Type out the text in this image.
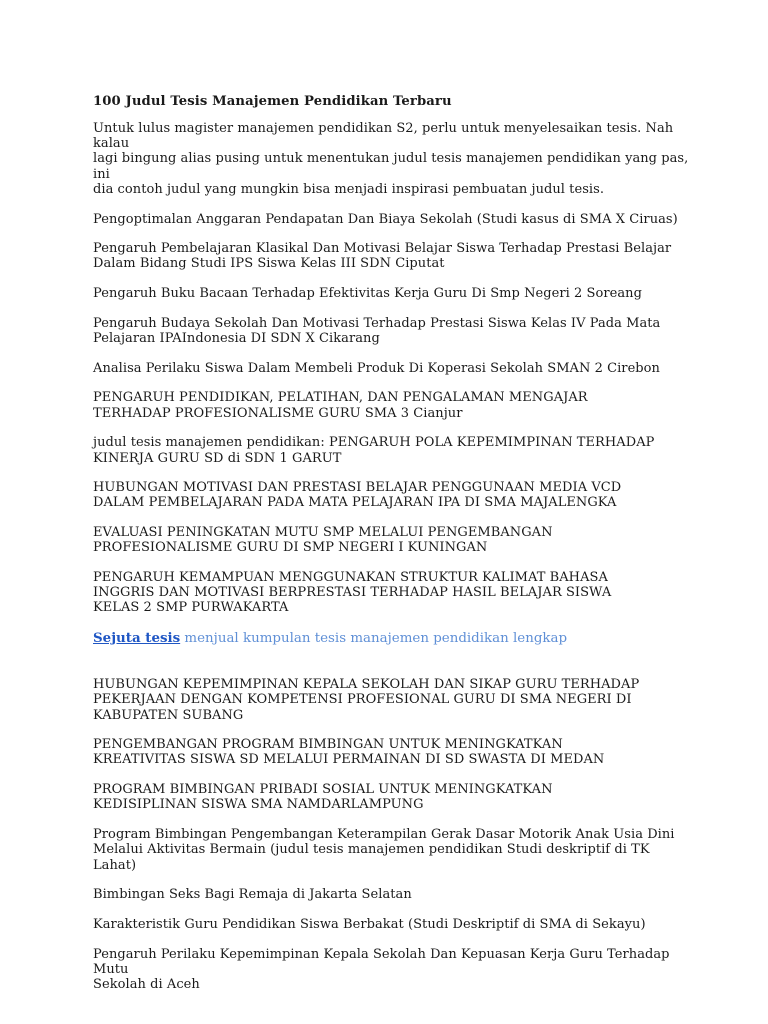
100 Judul Tesis Manajemen Pendidikan Terbaru

Untuk lulus magister manajemen pendidikan S2, perlu untuk menyelesaikan tesis. Nah kalau
lagi bingung alias pusing untuk menentukan judul tesis manajemen pendidikan yang pas, ini
dia contoh judul yang mungkin bisa menjadi inspirasi pembuatan judul tesis.

Pengoptimalan Anggaran Pendapatan Dan Biaya Sekolah (Studi kasus di SMA X Ciruas)

Pengaruh Pembelajaran Klasikal Dan Motivasi Belajar Siswa Terhadap Prestasi Belajar
Dalam Bidang Studi IPS Siswa Kelas III SDN Ciputat

Pengaruh Buku Bacaan Terhadap Efektivitas Kerja Guru Di Smp Negeri 2 Soreang

Pengaruh Budaya Sekolah Dan Motivasi Terhadap Prestasi Siswa Kelas IV Pada Mata
Pelajaran IPAIndonesia DI SDN X Cikarang

Analisa Perilaku Siswa Dalam Membeli Produk Di Koperasi Sekolah SMAN 2 Cirebon

PENGARUH PENDIDIKAN, PELATIHAN, DAN PENGALAMAN MENGAJAR
TERHADAP PROFESIONALISME GURU SMA 3 Cianjur

judul tesis manajemen pendidikan: PENGARUH POLA KEPEMIMPINAN TERHADAP
KINERJA GURU SD di SDN 1 GARUT

HUBUNGAN MOTIVASI DAN PRESTASI BELAJAR PENGGUNAAN MEDIA VCD
DALAM PEMBELAJARAN PADA MATA PELAJARAN IPA DI SMA MAJALENGKA

EVALUASI PENINGKATAN MUTU SMP MELALUI PENGEMBANGAN
PROFESIONALISME GURU DI SMP NEGERI I KUNINGAN

PENGARUH KEMAMPUAN MENGGUNAKAN STRUKTUR KALIMAT BAHASA
INGGRIS DAN MOTIVASI BERPRESTASI TERHADAP HASIL BELAJAR SISWA
KELAS 2 SMP PURWAKARTA

Sejuta tesis menjual kumpulan tesis manajemen pendidikan lengkap

HUBUNGAN KEPEMIMPINAN KEPALA SEKOLAH DAN SIKAP GURU TERHADAP
PEKERJAAN DENGAN KOMPETENSI PROFESIONAL GURU DI SMA NEGERI DI
KABUPATEN SUBANG

PENGEMBANGAN PROGRAM BIMBINGAN UNTUK MENINGKATKAN
KREATIVITAS SISWA SD MELALUI PERMAINAN DI SD SWASTA DI MEDAN

PROGRAM BIMBINGAN PRIBADI SOSIAL UNTUK MENINGKATKAN
KEDISIPLINAN SISWA SMA NAMDARLAMPUNG

Program Bimbingan Pengembangan Keterampilan Gerak Dasar Motorik Anak Usia Dini
Melalui Aktivitas Bermain (judul tesis manajemen pendidikan Studi deskriptif di TK Lahat)

Bimbingan Seks Bagi Remaja di Jakarta Selatan

Karakteristik Guru Pendidikan Siswa Berbakat (Studi Deskriptif di SMA di Sekayu)

Pengaruh Perilaku Kepemimpinan Kepala Sekolah Dan Kepuasan Kerja Guru Terhadap Mutu
Sekolah di Aceh
